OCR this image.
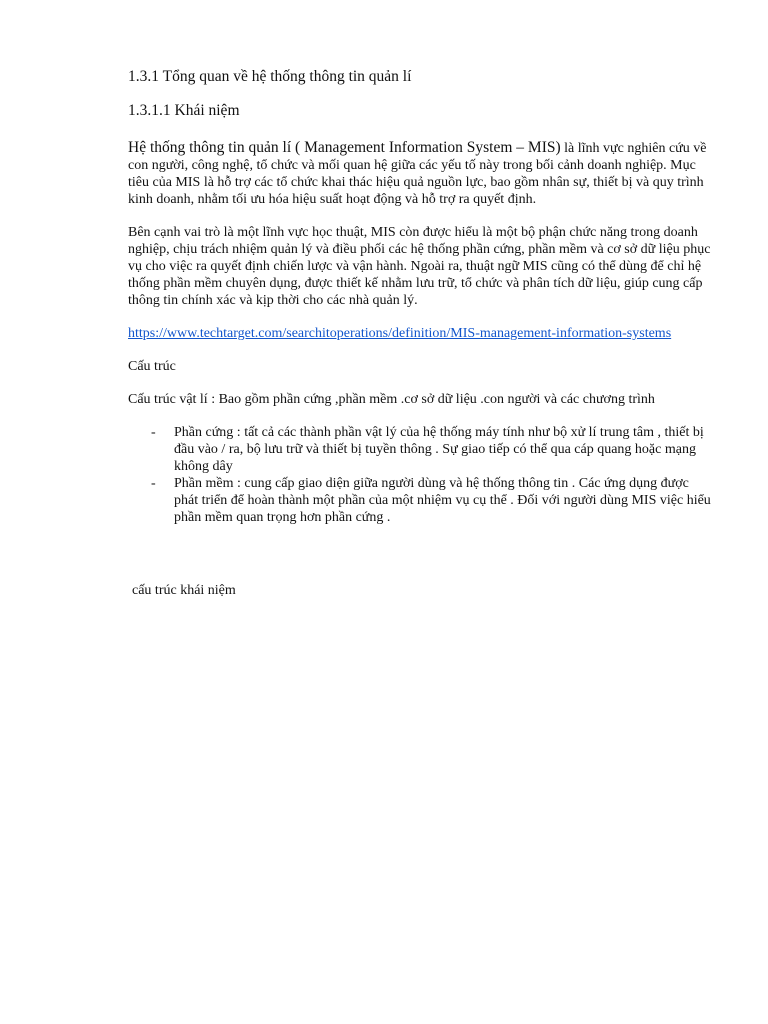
1.3.1 Tổng quan về hệ thống thông tin quản lí
1.3.1.1 Khái niệm

Hệ thống thông tin quản lí ( Management Information System – MIS) là lĩnh vực nghiên cứu về con người, công nghệ, tổ chức và mối quan hệ giữa các yếu tố này trong bối cảnh doanh nghiệp. Mục tiêu của MIS là hỗ trợ các tổ chức khai thác hiệu quả nguồn lực, bao gồm nhân sự, thiết bị và quy trình kinh doanh, nhằm tối ưu hóa hiệu suất hoạt động và hỗ trợ ra quyết định.

Bên cạnh vai trò là một lĩnh vực học thuật, MIS còn được hiểu là một bộ phận chức năng trong doanh nghiệp, chịu trách nhiệm quản lý và điều phối các hệ thống phần cứng, phần mềm và cơ sở dữ liệu phục vụ cho việc ra quyết định chiến lược và vận hành. Ngoài ra, thuật ngữ MIS cũng có thể dùng để chỉ hệ thống phần mềm chuyên dụng, được thiết kế nhằm lưu trữ, tổ chức và phân tích dữ liệu, giúp cung cấp thông tin chính xác và kịp thời cho các nhà quản lý.

https://www.techtarget.com/searchitoperations/definition/MIS-management-information-systems

Cấu trúc

Cấu trúc vật lí : Bao gồm phần cứng ,phần mềm .cơ sở dữ liệu .con người và các chương trình

- Phần cứng : tất cả các thành phần vật lý của hệ thống máy tính như bộ xử lí trung tâm , thiết bị đầu vào / ra, bộ lưu trữ và thiết bị tuyền thông . Sự giao tiếp có thể qua cáp quang hoặc mạng không dây
- Phần mềm : cung cấp giao diện giữa người dùng và hệ thống thông tin . Các ứng dụng được phát triển để hoàn thành một phần của một nhiệm vụ cụ thể . Đối với người dùng MIS việc hiểu phần mềm quan trọng hơn phần cứng .
cấu trúc khái niệm
